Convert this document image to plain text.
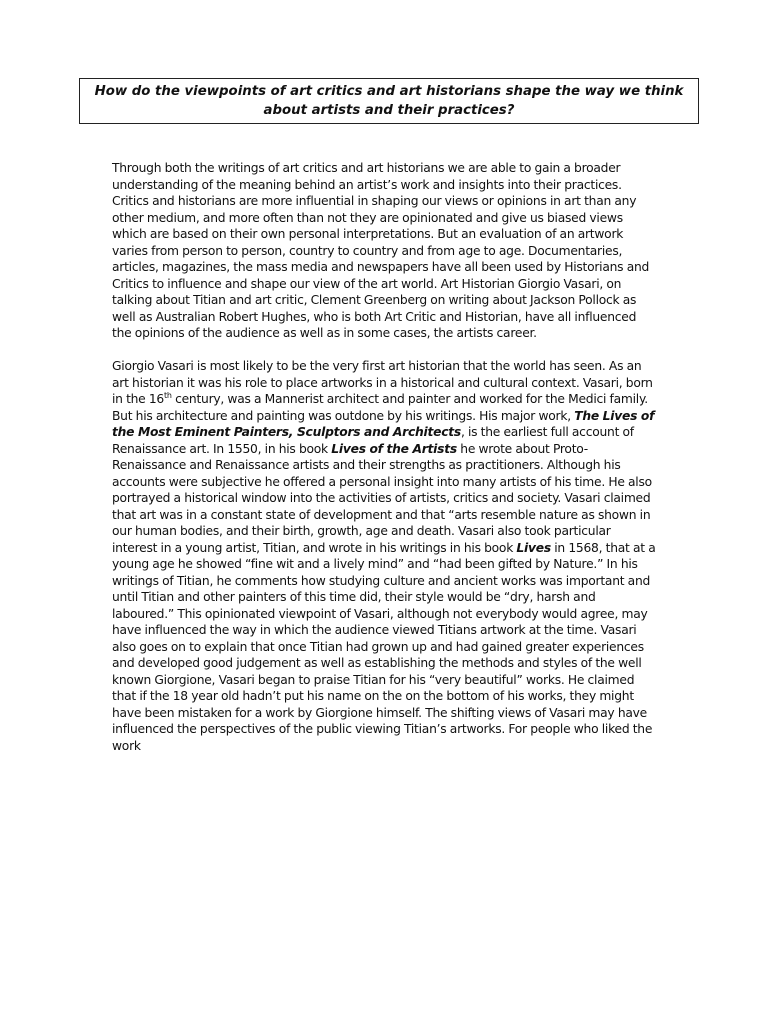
How do the viewpoints of art critics and art historians shape the way we think about artists and their practices?

Through both the writings of art critics and art historians we are able to gain a broader understanding of the meaning behind an artist’s work and insights into their practices. Critics and historians are more influential in shaping our views or opinions in art than any other medium, and more often than not they are opinionated and give us biased views which are based on their own personal interpretations. But an evaluation of an artwork varies from person to person, country to country and from age to age. Documentaries, articles, magazines, the mass media and newspapers have all been used by Historians and Critics to influence and shape our view of the art world. Art Historian Giorgio Vasari, on talking about Titian and art critic, Clement Greenberg on writing about Jackson Pollock as well as Australian Robert Hughes, who is both Art Critic and Historian, have all influenced the opinions of the audience as well as in some cases, the artists career.

Giorgio Vasari is most likely to be the very first art historian that the world has seen. As an art historian it was his role to place artworks in a historical and cultural context. Vasari, born in the 16th century, was a Mannerist architect and painter and worked for the Medici family. But his architecture and painting was outdone by his writings. His major work, The Lives of the Most Eminent Painters, Sculptors and Architects, is the earliest full account of Renaissance art. In 1550, in his book Lives of the Artists he wrote about Proto-Renaissance and Renaissance artists and their strengths as practitioners. Although his accounts were subjective he offered a personal insight into many artists of his time. He also portrayed a historical window into the activities of artists, critics and society. Vasari claimed that art was in a constant state of development and that “arts resemble nature as shown in our human bodies, and their birth, growth, age and death. Vasari also took particular interest in a young artist, Titian, and wrote in his writings in his book Lives in 1568, that at a young age he showed “fine wit and a lively mind” and “had been gifted by Nature.” In his writings of Titian, he comments how studying culture and ancient works was important and until Titian and other painters of this time did, their style would be “dry, harsh and laboured.” This opinionated viewpoint of Vasari, although not everybody would agree, may have influenced the way in which the audience viewed Titians artwork at the time. Vasari also goes on to explain that once Titian had grown up and had gained greater experiences and developed good judgement as well as establishing the methods and styles of the well known Giorgione, Vasari began to praise Titian for his “very beautiful” works. He claimed that if the 18 year old hadn’t put his name on the on the bottom of his works, they might have been mistaken for a work by Giorgione himself. The shifting views of Vasari may have influenced the perspectives of the public viewing Titian’s artworks. For people who liked the work
